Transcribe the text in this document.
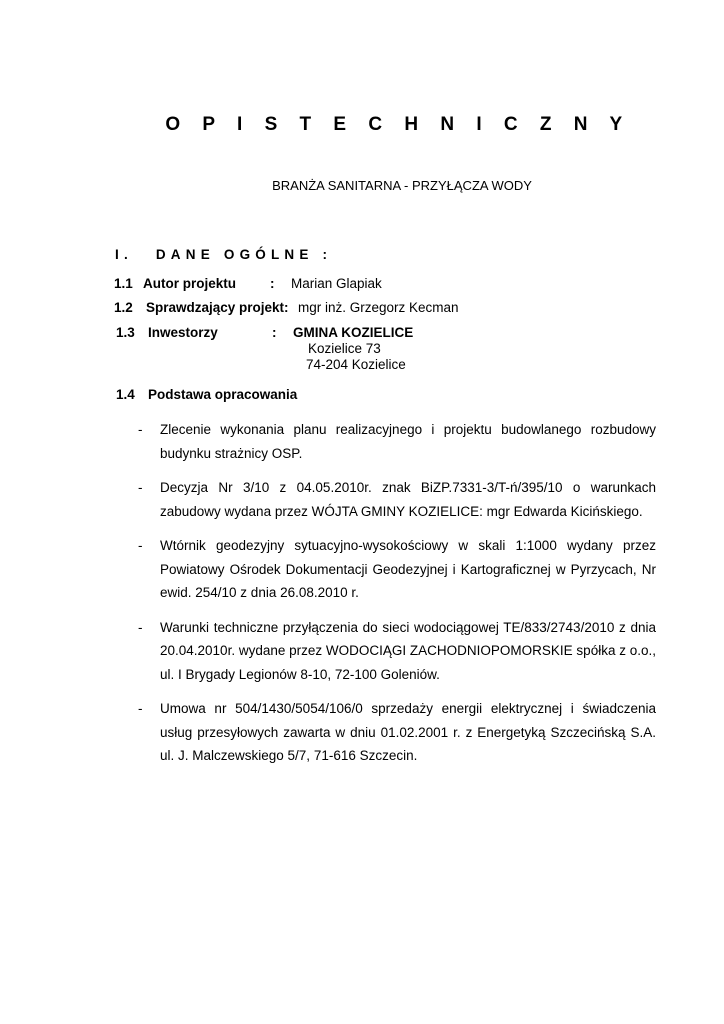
O P I S T E C H N I C Z N Y
BRANŻA SANITARNA - PRZYŁĄCZA WODY
I. DANE OGÓLNE :
1.1 Autor projektu	: Marian Glapiak
1.2 Sprawdzający projekt: mgr inż. Grzegorz Kecman
1.3 Inwestorzy	: GMINA KOZIELICE
Kozielice 73
74-204 Kozielice
1.4 Podstawa opracowania
- Zlecenie wykonania planu realizacyjnego i projektu budowlanego rozbudowy budynku strażnicy OSP.
- Decyzja Nr 3/10 z 04.05.2010r. znak BiZP.7331-3/T-ń/395/10 o warunkach zabudowy wydana przez WÓJTA GMINY KOZIELICE: mgr Edwarda Kicińskiego.
- Wtórnik geodezyjny sytuacyjno-wysokościowy w skali 1:1000 wydany przez Powiatowy Ośrodek Dokumentacji Geodezyjnej i Kartograficznej w Pyrzycach, Nr ewid. 254/10 z dnia 26.08.2010 r.
- Warunki techniczne przyłączenia do sieci wodociągowej TE/833/2743/2010 z dnia 20.04.2010r. wydane przez WODOCIĄGI ZACHODNIOPOMORSKIE spółka z o.o., ul. I Brygady Legionów 8-10, 72-100 Goleniów.
- Umowa nr 504/1430/5054/106/0 sprzedaży energii elektrycznej i świadczenia usług przesyłowych zawarta w dniu 01.02.2001 r. z Energetyką Szczecińską S.A. ul. J. Malczewskiego 5/7, 71-616 Szczecin.
